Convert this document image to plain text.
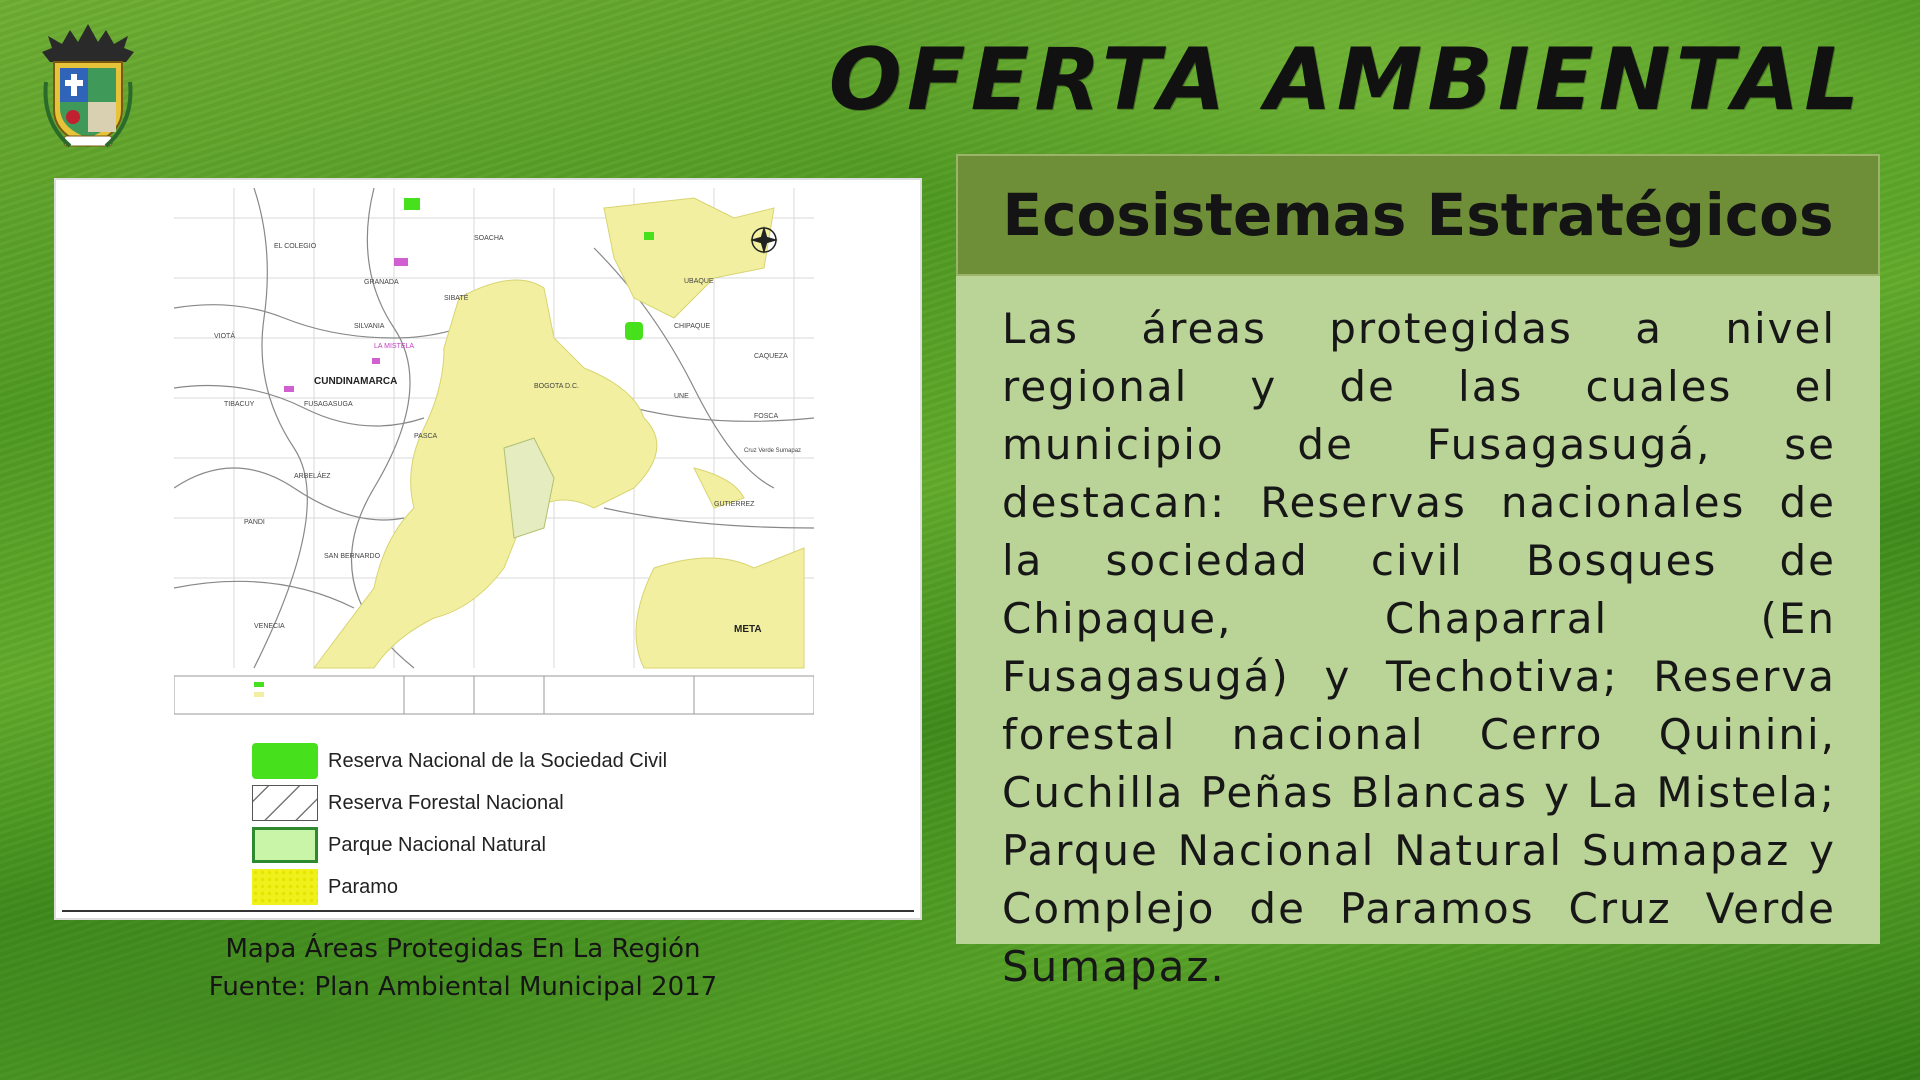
OFERTA AMBIENTAL
EL COLEGIO
SOACHA
GRANADA
SIBATÉ
VIOTÁ
SILVANIA
LA MISTELA
UBAQUE
CHIPAQUE
CAQUEZA
TIBACUY	FUSAGASUGA
BOGOTA D.C.
UNE
FOSCA
PASCA
Cruz Verde Sumapaz
ARBELÁEZ
GUTIERREZ
PANDI
SAN BERNARDO
VENECIA
CUNDINAMARCA
META
Reserva Nacional de la Sociedad Civil
Reserva Forestal Nacional
Parque Nacional Natural
Paramo
Mapa Áreas Protegidas En La Región
Fuente: Plan Ambiental Municipal 2017
Ecosistemas Estratégicos

Las áreas protegidas a nivel regional y de las cuales el municipio de Fusagasugá, se destacan: Reservas nacionales de la sociedad civil Bosques de Chipaque, Chaparral (En Fusagasugá) y Techotiva; Reserva forestal nacional Cerro Quinini, Cuchilla Peñas Blancas y La Mistela; Parque Nacional Natural Sumapaz y Complejo de Paramos Cruz Verde Sumapaz.
